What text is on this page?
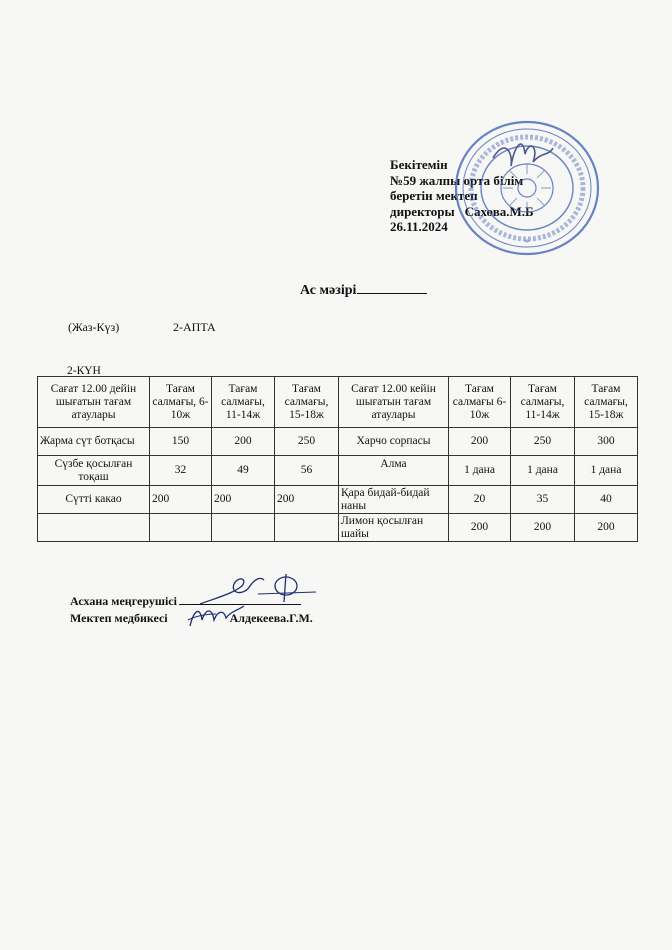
Бекітемін
№59 жалпы орта білім
беретін мектеп
директоры Сахова.М.Б
26.11.2024
*
Ас мәзірі
(Жаз-Күз)	2-АПТА
2-КҮН
Сағат 12.00 дейін шығатын тағам атаулары	Тағам салмағы, 6-10ж	Тағам салмағы, 11-14ж	Тағам салмағы, 15-18ж	Сағат 12.00 кейін шығатын тағам атаулары	Тағам салмағы 6-10ж	Тағам салмағы, 11-14ж	Тағам салмағы, 15-18ж
Жарма сүт ботқасы	150	200	250	Харчо сорпасы	200	250	300
Сүзбе қосылған тоқаш	32	49	56	Алма	1 дана	1 дана	1 дана
Сүтті какао	200	200	200	Қара бидай-бидай наны	20	35	40
				Лимон қосылған шайы	200	200	200
Асхана меңгерушісі
Мектеп медбикесі	Алдекеева.Г.М.
